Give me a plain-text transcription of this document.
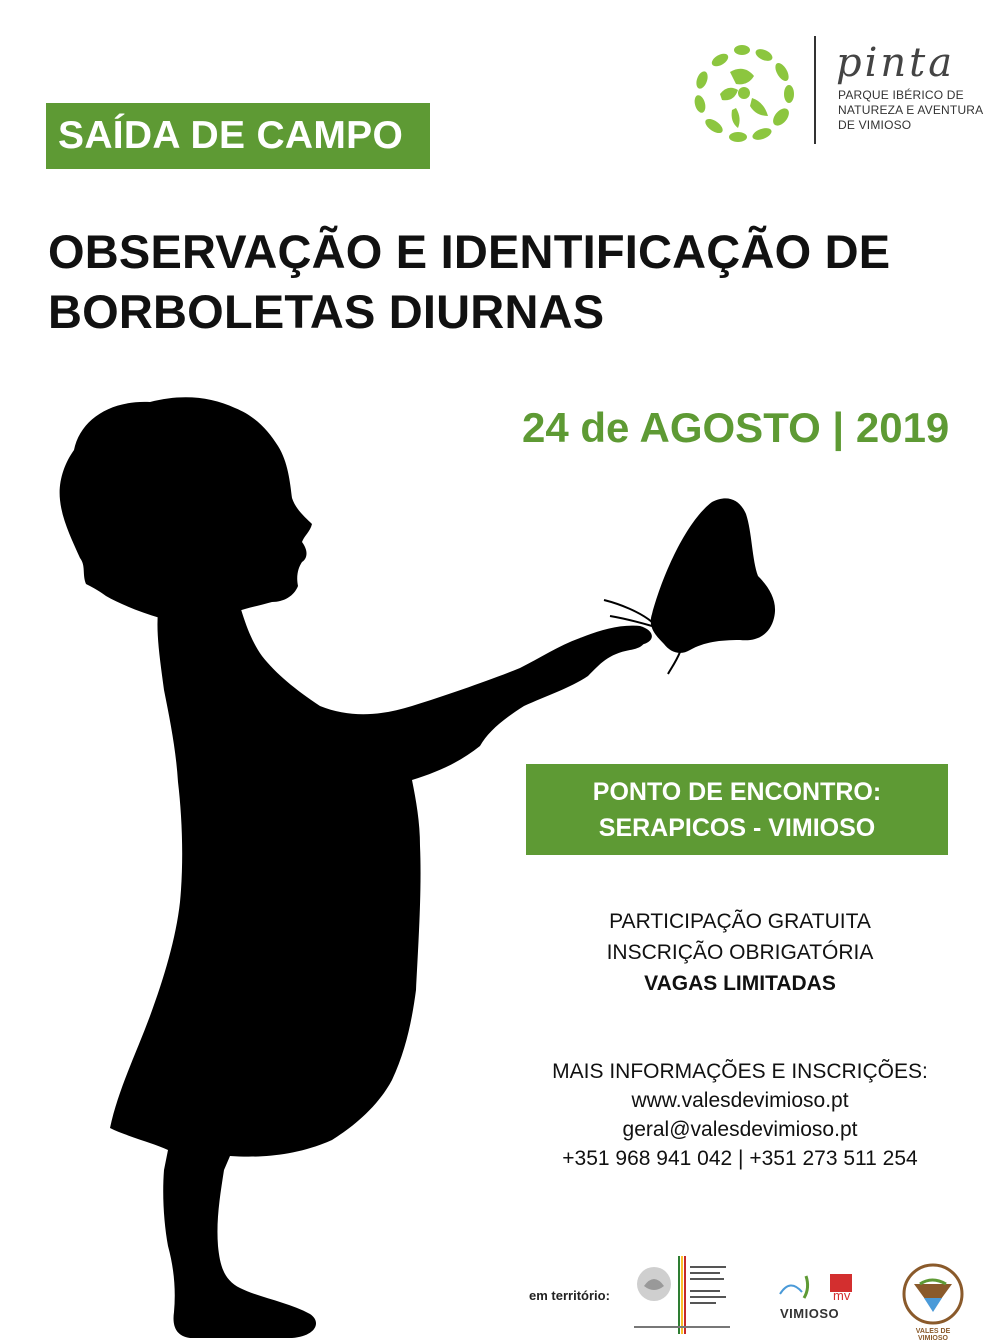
SAÍDA DE CAMPO
OBSERVAÇÃO E IDENTIFICAÇÃO DE
BORBOLETAS DIURNAS
24 de AGOSTO | 2019
pinta
PARQUE IBÉRICO DE
NATUREZA E AVENTURA
DE VIMIOSO
PONTO DE ENCONTRO:
SERAPICOS - VIMIOSO
PARTICIPAÇÃO GRATUITA
INSCRIÇÃO OBRIGATÓRIA
VAGAS LIMITADAS
MAIS INFORMAÇÕES E INSCRIÇÕES:
www.valesdevimioso.pt
geral@valesdevimioso.pt
+351 968 941 042 | +351 273 511 254
em território:	mv
VIMIOSO
VALES DE VIMIOSO
